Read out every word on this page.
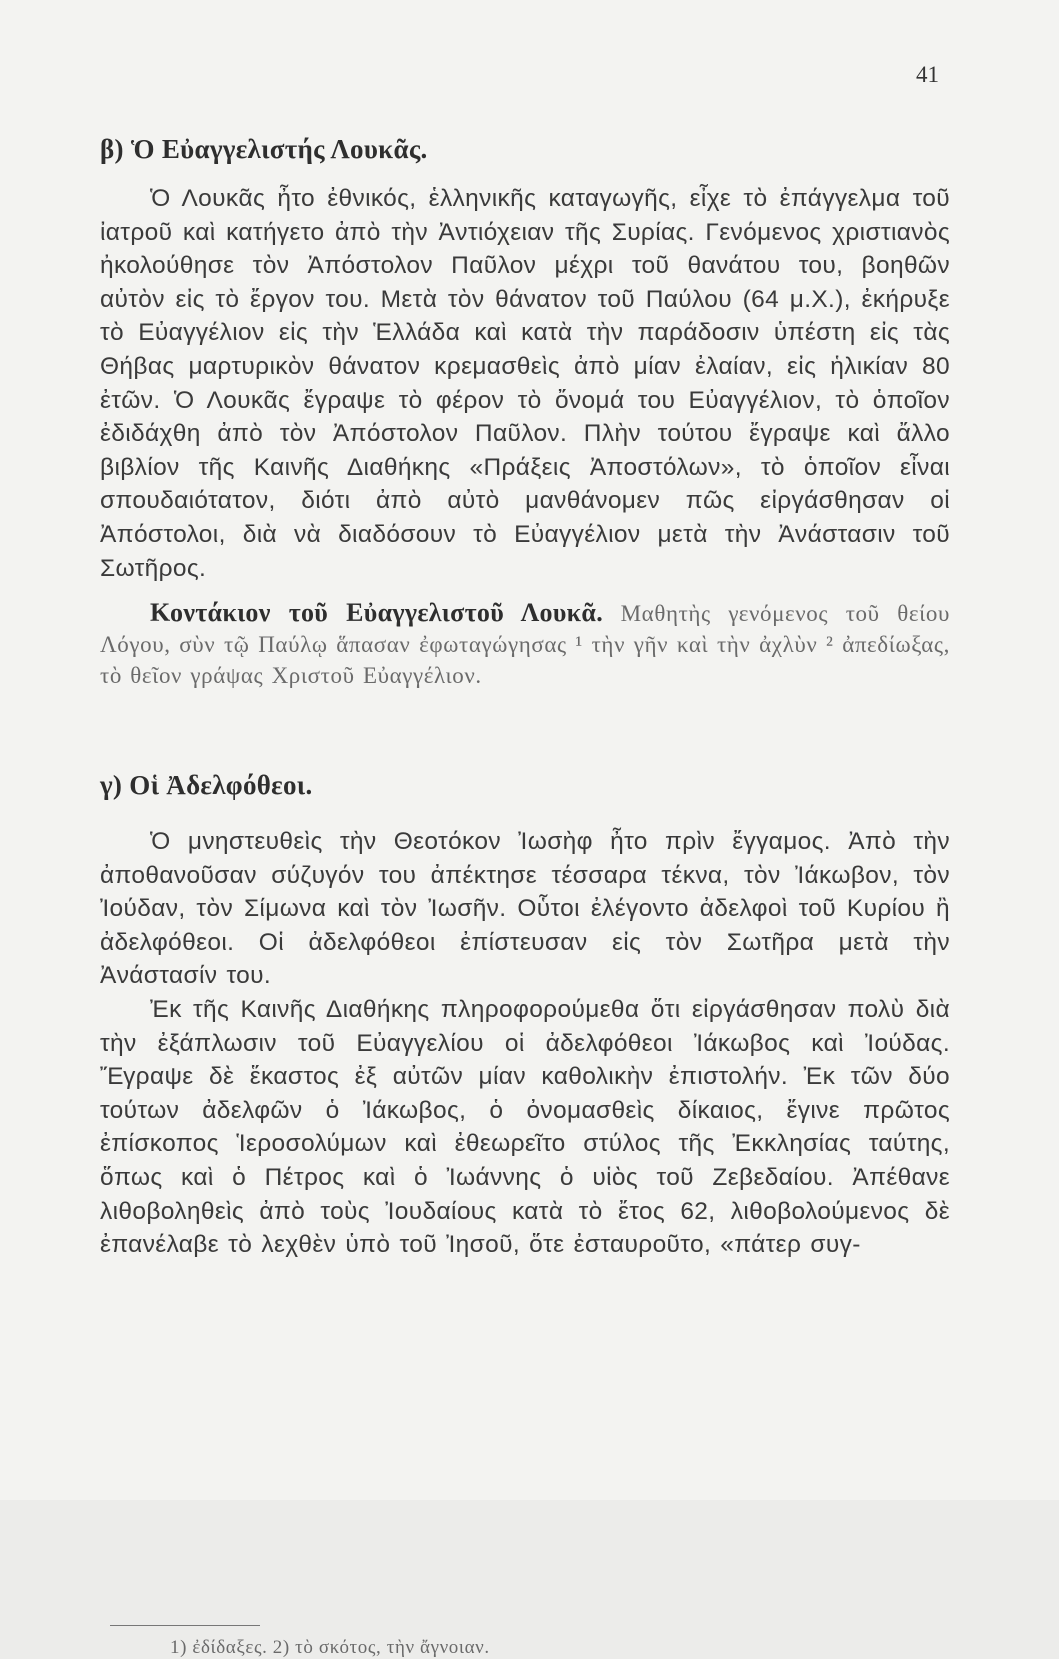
41
β) Ὁ Εὐαγγελιστής Λουκᾶς.

Ὁ Λουκᾶς ἦτο ἐθνικός, ἑλληνικῆς καταγωγῆς, εἶχε τὸ ἐπάγγελμα τοῦ ἰατροῦ καὶ κατήγετο ἀπὸ τὴν Ἀντιόχειαν τῆς Συρίας. Γενόμενος χριστιανὸς ἠκολούθησε τὸν Ἀπόστολον Παῦλον μέχρι τοῦ θανάτου του, βοηθῶν αὐτὸν εἰς τὸ ἔργον του. Μετὰ τὸν θάνατον τοῦ Παύλου (64 μ.Χ.), ἐκήρυξε τὸ Εὐαγγέλιον εἰς τὴν Ἑλλάδα καὶ κατὰ τὴν παράδοσιν ὑπέστη εἰς τὰς Θήβας μαρτυρικὸν θάνατον κρεμασθεὶς ἀπὸ μίαν ἐλαίαν, εἰς ἡλικίαν 80 ἐτῶν. Ὁ Λουκᾶς ἔγραψε τὸ φέρον τὸ ὄνομά του Εὐαγγέλιον, τὸ ὁποῖον ἐδιδάχθη ἀπὸ τὸν Ἀπόστολον Παῦλον. Πλὴν τούτου ἔγραψε καὶ ἄλλο βιβλίον τῆς Καινῆς Διαθήκης «Πράξεις Ἀποστόλων», τὸ ὁποῖον εἶναι σπουδαιότατον, διότι ἀπὸ αὐτὸ μανθάνομεν πῶς εἰργάσθησαν οἱ Ἀπόστολοι, διὰ νὰ διαδόσουν τὸ Εὐαγγέλιον μετὰ τὴν Ἀνάστασιν τοῦ Σωτῆρος.

Κοντάκιον τοῦ Εὐαγγελιστοῦ Λουκᾶ. Μαθητὴς γενόμενος τοῦ θείου Λόγου, σὺν τῷ Παύλῳ ἅπασαν ἐφωταγώγησας ¹ τὴν γῆν καὶ τὴν ἀχλὺν ² ἀπεδίωξας, τὸ θεῖον γράψας Χριστοῦ Εὐαγγέλιον.

γ) Οἱ Ἀδελφόθεοι.

Ὁ μνηστευθεὶς τὴν Θεοτόκον Ἰωσὴφ ἦτο πρὶν ἔγγαμος. Ἀπὸ τὴν ἀποθανοῦσαν σύζυγόν του ἀπέκτησε τέσσαρα τέκνα, τὸν Ἰάκωβον, τὸν Ἰούδαν, τὸν Σίμωνα καὶ τὸν Ἰωσῆν. Οὗτοι ἐλέγοντο ἀδελφοὶ τοῦ Κυρίου ἢ ἀδελφόθεοι. Οἱ ἀδελφόθεοι ἐπίστευσαν εἰς τὸν Σωτῆρα μετὰ τὴν Ἀνάστασίν του.

Ἐκ τῆς Καινῆς Διαθήκης πληροφορούμεθα ὅτι εἰργάσθησαν πολὺ διὰ τὴν ἐξάπλωσιν τοῦ Εὐαγγελίου οἱ ἀδελφόθεοι Ἰάκωβος καὶ Ἰούδας. Ἔγραψε δὲ ἕκαστος ἐξ αὐτῶν μίαν καθολικὴν ἐπιστολήν. Ἐκ τῶν δύο τούτων ἀδελφῶν ὁ Ἰάκωβος, ὁ ὀνομασθεὶς δίκαιος, ἔγινε πρῶτος ἐπίσκοπος Ἱεροσολύμων καὶ ἐθεωρεῖτο στύλος τῆς Ἐκκλησίας ταύτης, ὅπως καὶ ὁ Πέτρος καὶ ὁ Ἰωάννης ὁ υἱὸς τοῦ Ζεβεδαίου. Ἀπέθανε λιθοβοληθεὶς ἀπὸ τοὺς Ἰουδαίους κατὰ τὸ ἔτος 62, λιθοβολούμενος δὲ ἐπανέλαβε τὸ λεχθὲν ὑπὸ τοῦ Ἰησοῦ, ὅτε ἐσταυροῦτο, «πάτερ συγ-

1) ἐδίδαξες. 2) τὸ σκότος, τὴν ἄγνοιαν.
